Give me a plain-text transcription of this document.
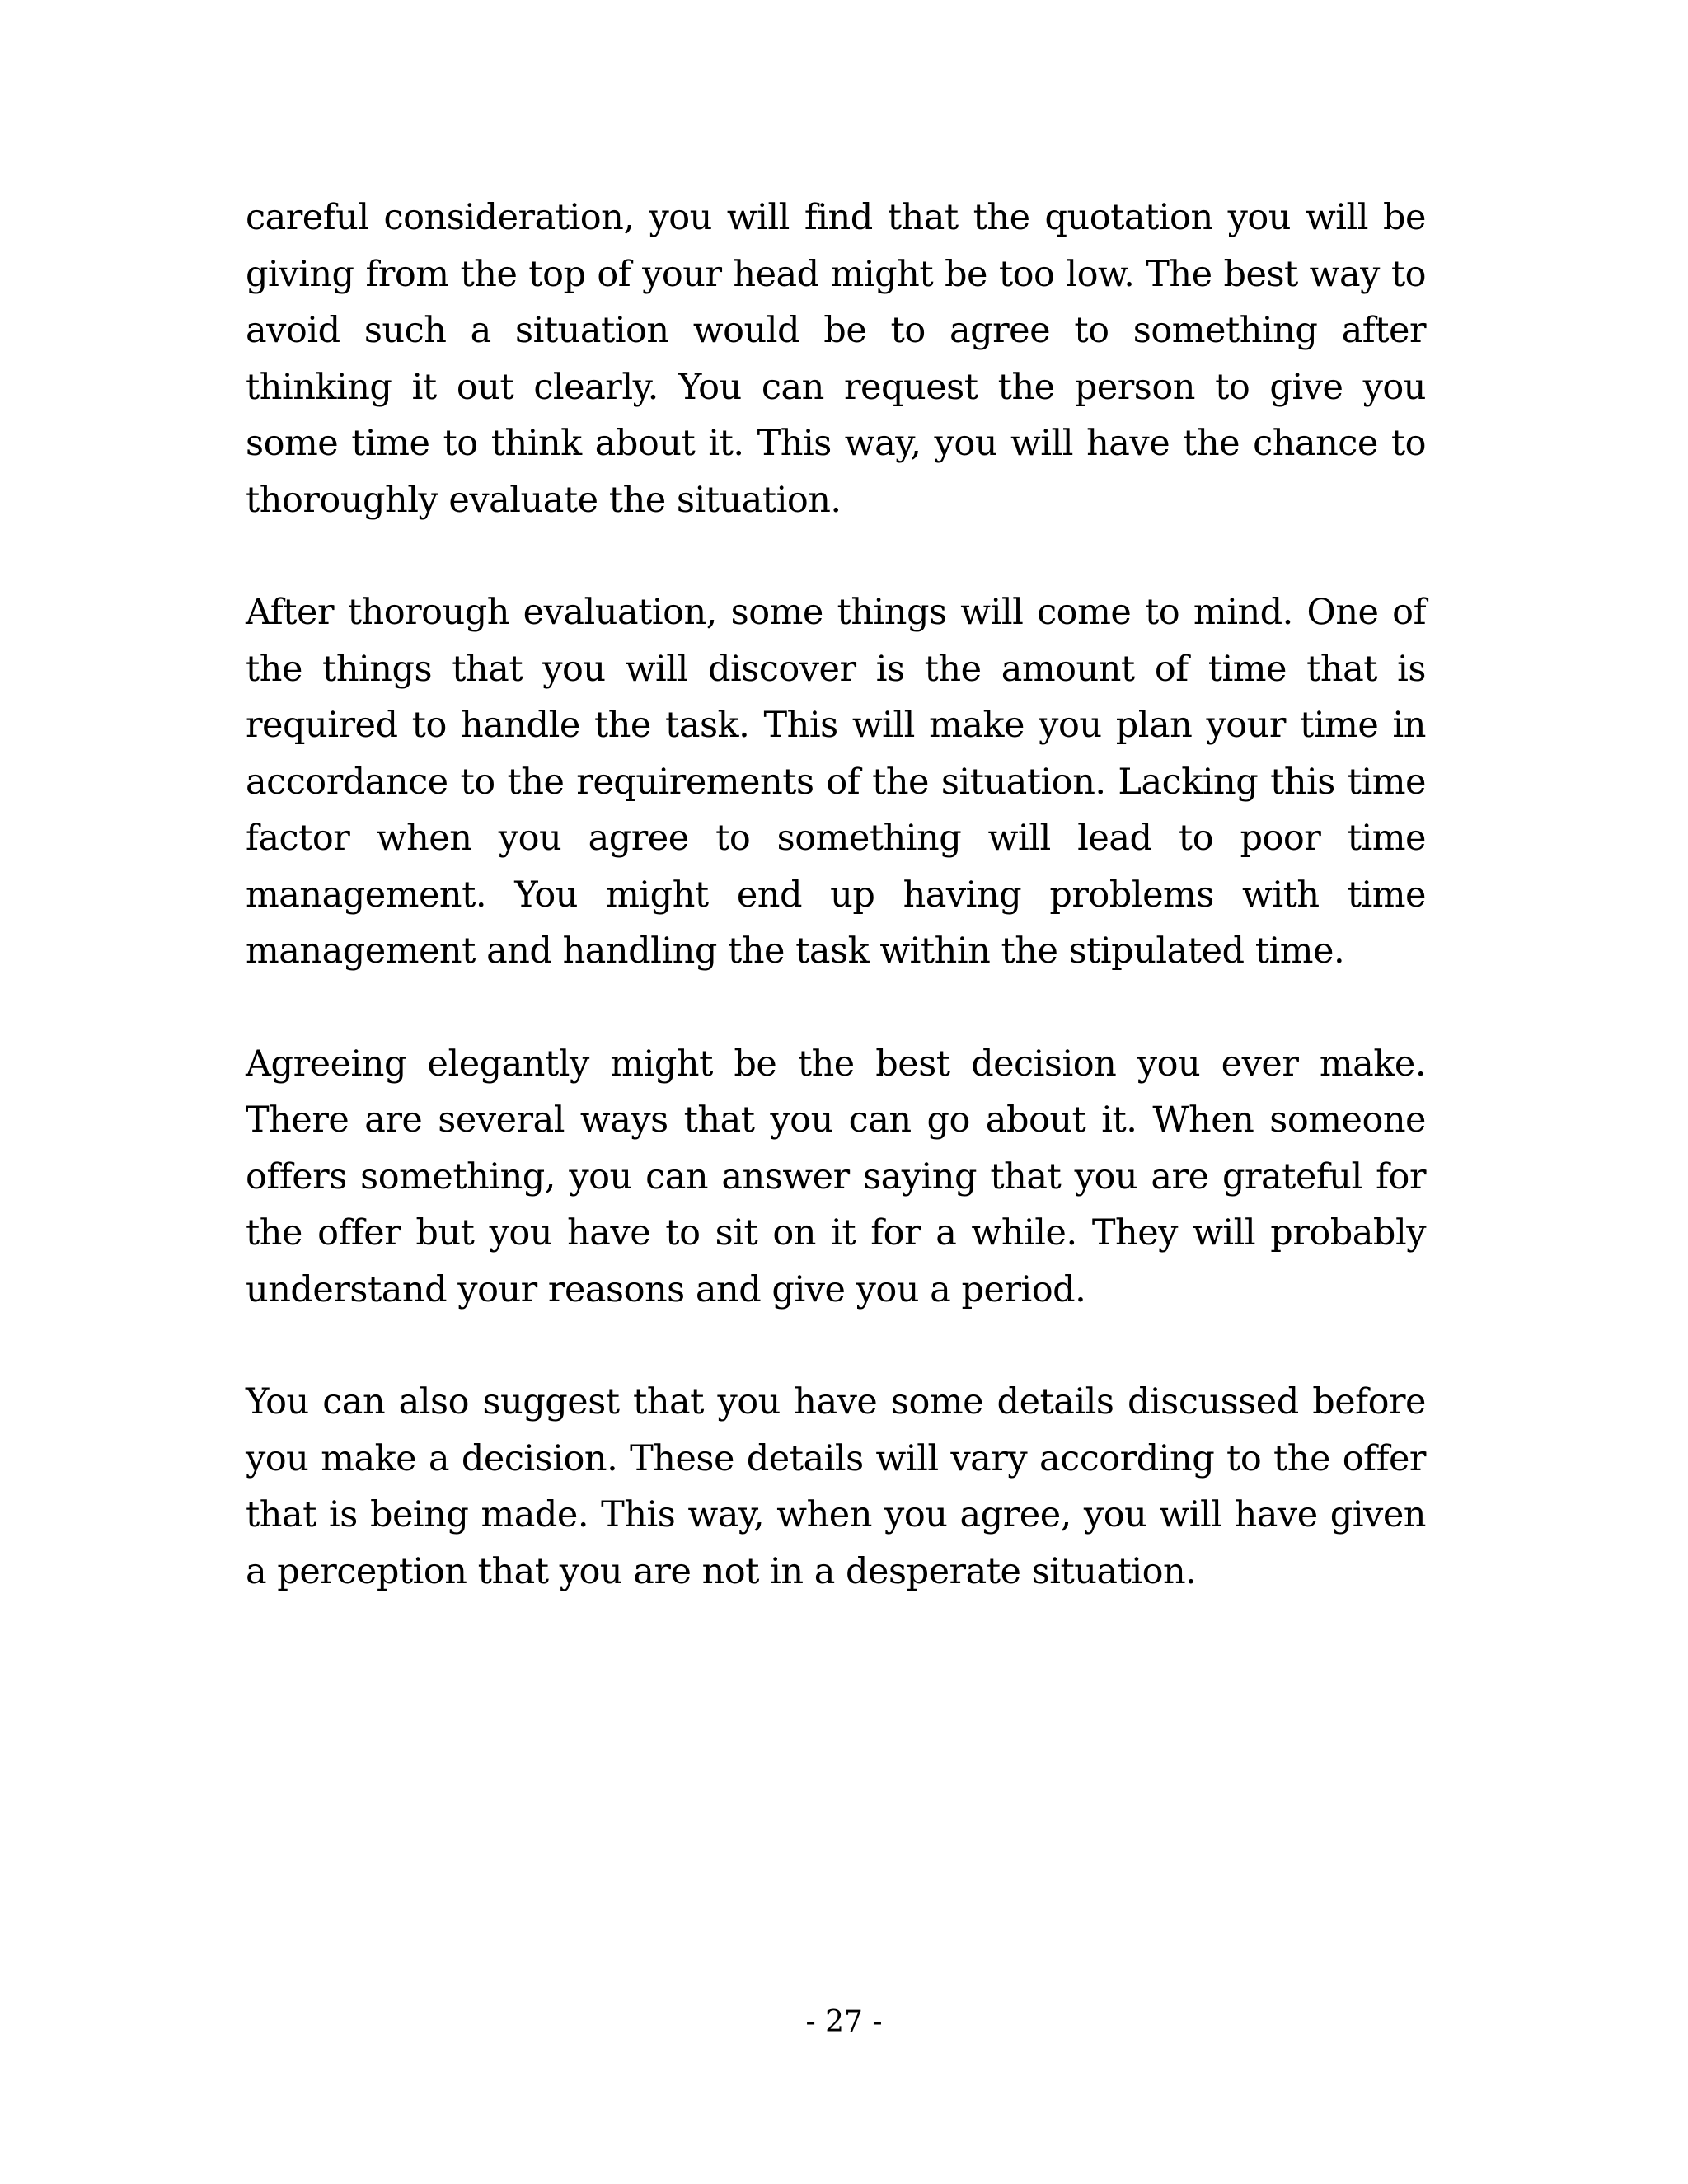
careful consideration, you will find that the quotation you will be giving from the top of your head might be too low. The best way to avoid such a situation would be to agree to something after thinking it out clearly. You can request the person to give you some time to think about it. This way, you will have the chance to thoroughly evaluate the situation.

After thorough evaluation, some things will come to mind. One of the things that you will discover is the amount of time that is required to handle the task. This will make you plan your time in accordance to the requirements of the situation. Lacking this time factor when you agree to something will lead to poor time management. You might end up having problems with time management and handling the task within the stipulated time.

Agreeing elegantly might be the best decision you ever make. There are several ways that you can go about it. When someone offers something, you can answer saying that you are grateful for the offer but you have to sit on it for a while. They will probably understand your reasons and give you a period.

You can also suggest that you have some details discussed before you make a decision. These details will vary according to the offer that is being made. This way, when you agree, you will have given a perception that you are not in a desperate situation.

- 27 -
